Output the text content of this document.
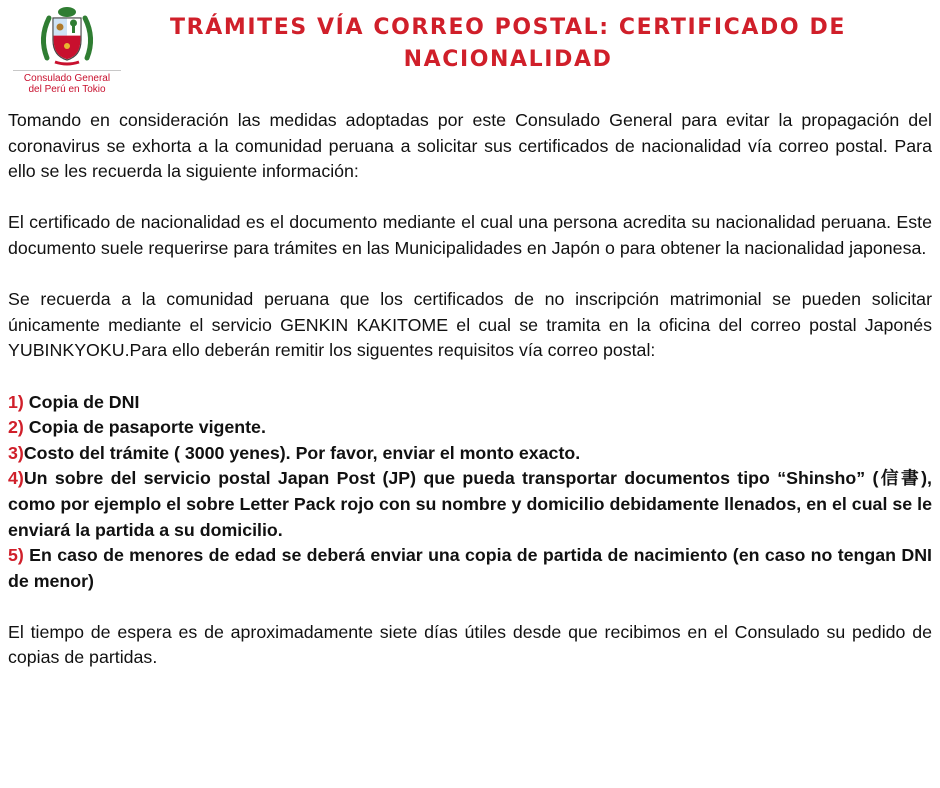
Consulado General
del Perú en Tokio
TRÁMITES VÍA CORREO POSTAL: CERTIFICADO DE NACIONALIDAD

Tomando en consideración las medidas adoptadas por este Consulado General para evitar la propagación del coronavirus se exhorta a la comunidad peruana a solicitar sus certificados de nacionalidad vía correo postal. Para ello se les recuerda la siguiente información:

El certificado de nacionalidad es el documento mediante el cual una persona acredita su nacionalidad peruana. Este documento suele requerirse para trámites en las Municipalidades en Japón o para obtener la nacionalidad japonesa.

Se recuerda a la comunidad peruana que los certificados de no inscripción matrimonial se pueden solicitar únicamente mediante el servicio GENKIN KAKITOME el cual se tramita en la oficina del correo postal Japonés YUBINKYOKU.Para ello deberán remitir los siguentes requisitos vía correo postal:

1) Copia de DNI
2) Copia de pasaporte vigente.
3)Costo del trámite ( 3000 yenes). Por favor, enviar el monto exacto.
4)Un sobre del servicio postal Japan Post (JP) que pueda transportar documentos tipo “Shinsho” (信書), como por ejemplo el sobre Letter Pack rojo con su nombre y domicilio debidamente llenados, en el cual se le enviará la partida a su domicilio.
5) En caso de menores de edad se deberá enviar una copia de partida de nacimiento (en caso no tengan DNI de menor)

El tiempo de espera es de aproximadamente siete días útiles desde que recibimos en el Consulado su pedido de copias de partidas.
